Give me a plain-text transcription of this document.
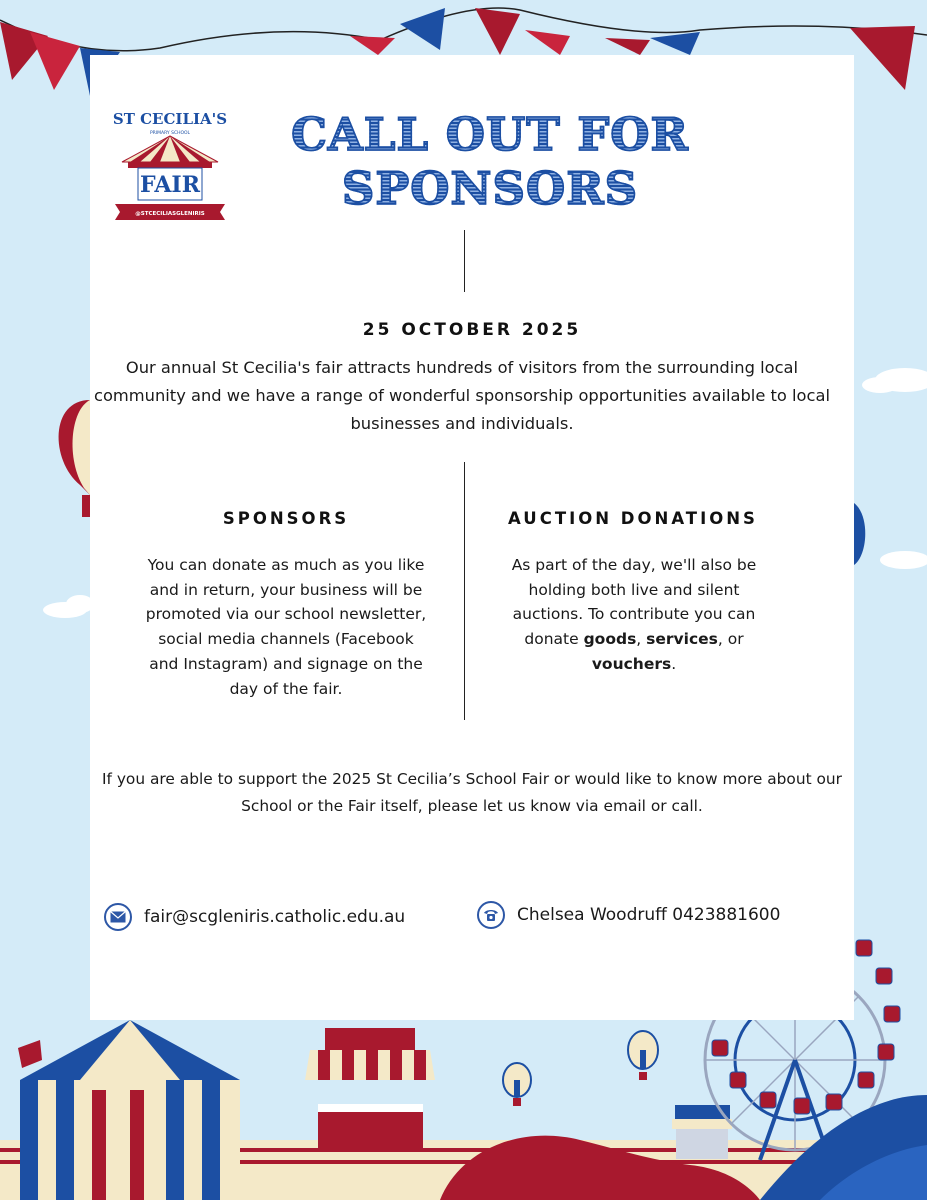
ST CECILIA'S
PRIMARY SCHOOL
FAIR
@STCECILIASGLENIRIS
CALL OUT FOR
SPONSORS
25 OCTOBER 2025
Our annual St Cecilia's fair attracts hundreds of visitors from the surrounding local community and we have a range of wonderful sponsorship opportunities available to local businesses and individuals.
SPONSORS
You can donate as much as you like and in return, your business will be promoted via our school newsletter, social media channels (Facebook and Instagram) and signage on the day of the fair.
AUCTION DONATIONS
As part of the day, we'll also be holding both live and silent auctions. To contribute you can donate goods, services, or vouchers.
If you are able to support the 2025 St Cecilia’s School Fair or would like to know more about our School or the Fair itself, please let us know via email or call.
fair@scgleniris.catholic.edu.au	Chelsea Woodruff 0423881600
